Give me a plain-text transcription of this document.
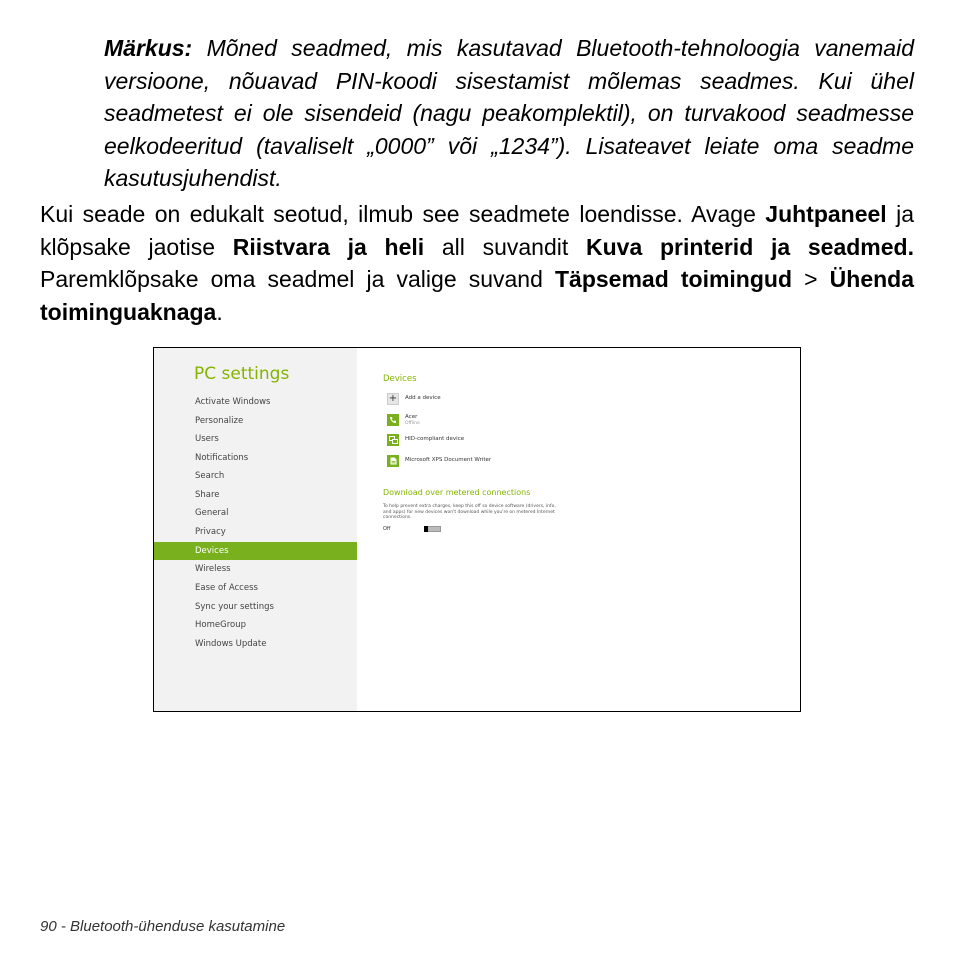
Märkus: Mõned seadmed, mis kasutavad Bluetooth-tehnoloogia vanemaid versioone, nõuavad PIN-koodi sisestamist mõlemas seadmes. Kui ühel seadmetest ei ole sisendeid (nagu peakomplektil), on turvakood seadmesse eelkodeeritud (tavaliselt „0000” või „1234”). Lisateavet leiate oma seadme kasutusjuhendist.

Kui seade on edukalt seotud, ilmub see seadmete loendisse. Avage Juhtpaneel ja klõpsake jaotise Riistvara ja heli all suvandit Kuva printerid ja seadmed. Paremklõpsake oma seadmel ja valige suvand Täpsemad toimingud > Ühenda toiminguaknaga.

PC settings
Activate Windows
Personalize
Users
Notifications
Search
Share
General
Privacy
Devices
Wireless
Ease of Access
Sync your settings
HomeGroup
Windows Update
Devices
+	Add a device
Acer
Offline
HID-compliant device
Microsoft XPS Document Writer
Download over metered connections
To help prevent extra charges, keep this off so device software (drivers, info, and apps) for new devices won't download while you're on metered Internet connections.
Off
90 - Bluetooth-ühenduse kasutamine
